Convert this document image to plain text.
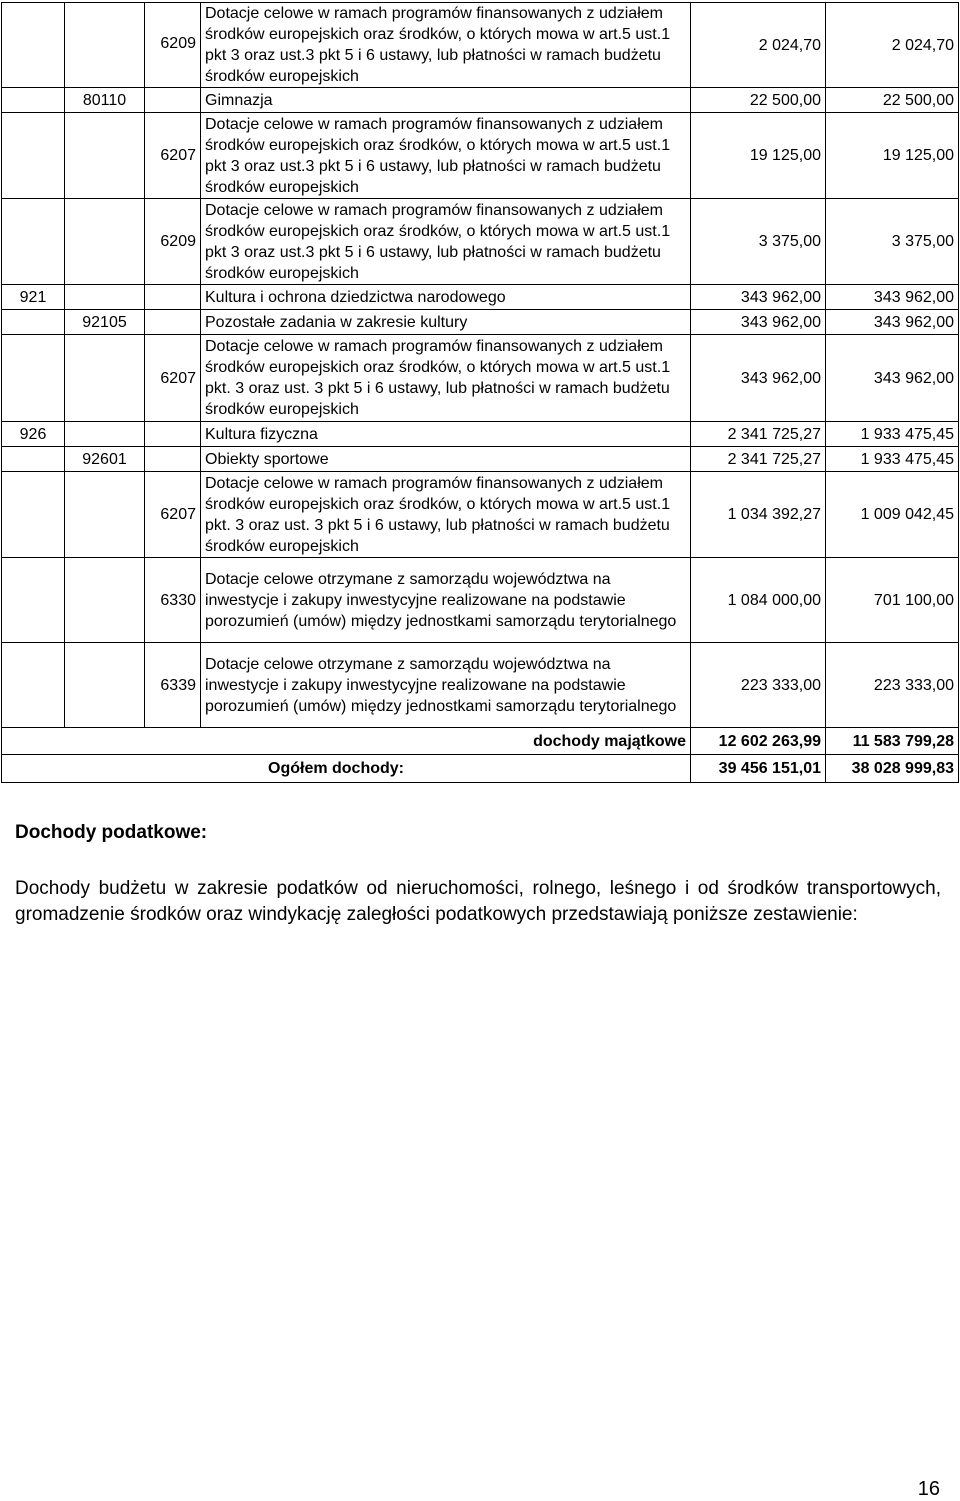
		6209	Dotacje celowe w ramach programów finansowanych z udziałem środków europejskich oraz środków, o których mowa w art.5 ust.1 pkt 3 oraz ust.3 pkt 5 i 6 ustawy, lub płatności w ramach budżetu środków europejskich	2 024,70	2 024,70
	80110		Gimnazja	22 500,00	22 500,00
		6207	Dotacje celowe w ramach programów finansowanych z udziałem środków europejskich oraz środków, o których mowa w art.5 ust.1 pkt 3 oraz ust.3 pkt 5 i 6 ustawy, lub płatności w ramach budżetu środków europejskich	19 125,00	19 125,00
		6209	Dotacje celowe w ramach programów finansowanych z udziałem środków europejskich oraz środków, o których mowa w art.5 ust.1 pkt 3 oraz ust.3 pkt 5 i 6 ustawy, lub płatności w ramach budżetu środków europejskich	3 375,00	3 375,00
921			Kultura i ochrona dziedzictwa narodowego	343 962,00	343 962,00
	92105		Pozostałe zadania w zakresie kultury	343 962,00	343 962,00
		6207	Dotacje celowe w ramach programów finansowanych z udziałem środków europejskich oraz środków, o których mowa w art.5 ust.1 pkt. 3 oraz ust. 3 pkt 5 i 6 ustawy, lub płatności w ramach budżetu środków europejskich	343 962,00	343 962,00
926			Kultura fizyczna	2 341 725,27	1 933 475,45
	92601		Obiekty sportowe	2 341 725,27	1 933 475,45
		6207	Dotacje celowe w ramach programów finansowanych z udziałem środków europejskich oraz środków, o których mowa w art.5 ust.1 pkt. 3 oraz ust. 3 pkt 5 i 6 ustawy, lub płatności w ramach budżetu środków europejskich	1 034 392,27	1 009 042,45
		6330	Dotacje celowe otrzymane z samorządu województwa na inwestycje i zakupy inwestycyjne realizowane na podstawie porozumień (umów) między jednostkami samorządu terytorialnego	1 084 000,00	701 100,00
		6339	Dotacje celowe otrzymane z samorządu województwa na inwestycje i zakupy inwestycyjne realizowane na podstawie porozumień (umów) między jednostkami samorządu terytorialnego	223 333,00	223 333,00
dochody majątkowe				12 602 263,99	11 583 799,28
Ogółem dochody:				39 456 151,01	38 028 999,83
Dochody podatkowe:
Dochody budżetu w zakresie podatków od nieruchomości, rolnego, leśnego i od środków transportowych, gromadzenie środków oraz windykację zaległości podatkowych przedstawiają poniższe zestawienie:
16
